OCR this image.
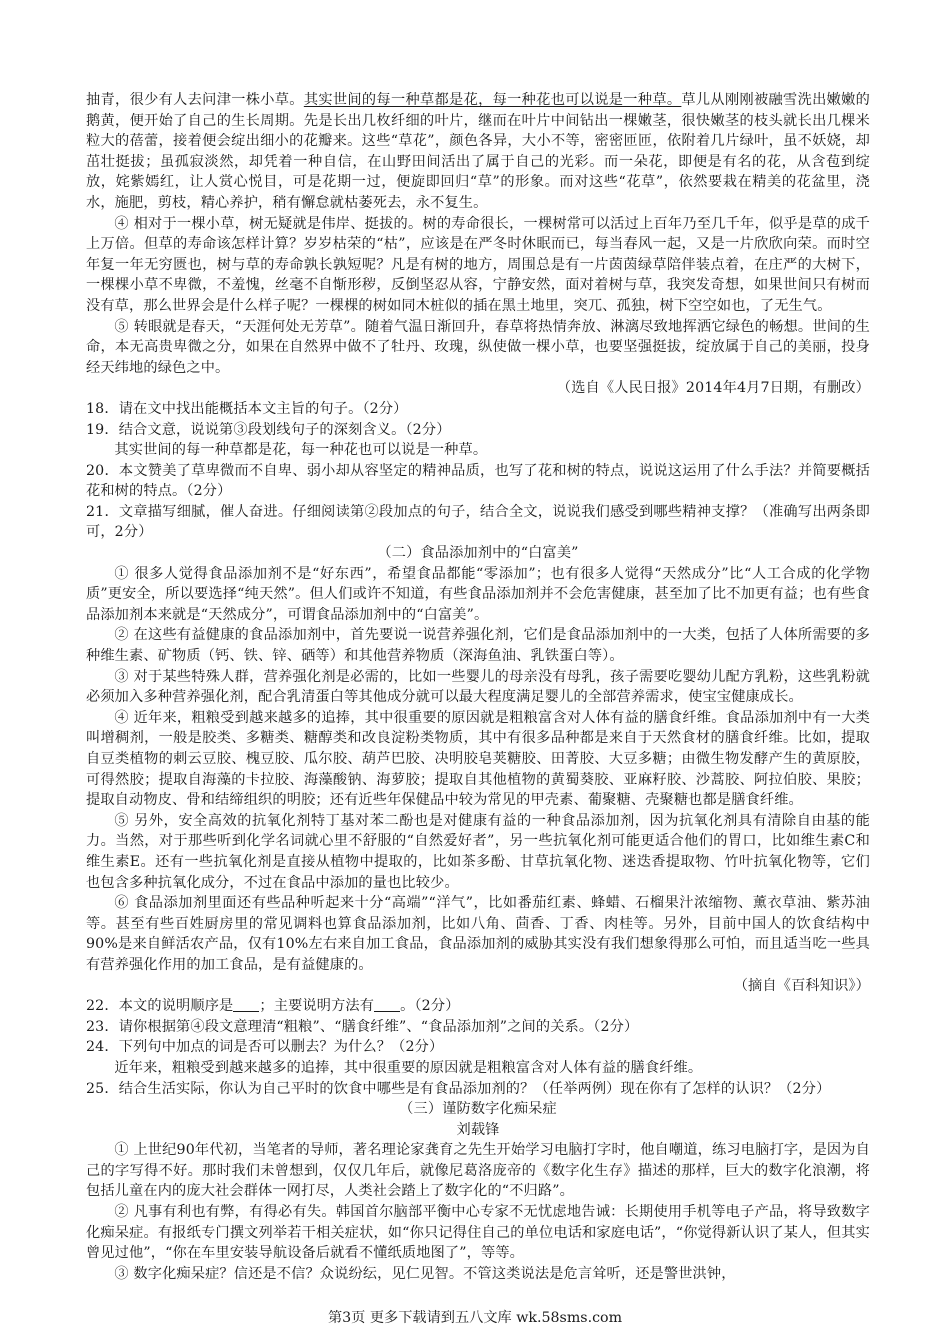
抽青，很少有人去问津一株小草。其实世间的每一种草都是花，每一种花也可以说是一种草。草儿从刚刚被融雪洗出嫩嫩的鹅黄，便开始了自己的生长周期。先是长出几枚纤细的叶片，继而在叶片中间钻出一棵嫩茎，很快嫩茎的枝头就长出几棵米粒大的蓓蕾，接着便会绽出细小的花瓣来。这些“草花”，颜色各异，大小不等，密密匝匝，依附着几片绿叶，虽不妖娆，却茁壮挺拔；虽孤寂淡然，却凭着一种自信，在山野田间活出了属于自己的光彩。而一朵花，即便是有名的花，从含苞到绽放，姹紫嫣红，让人赏心悦目，可是花期一过，便旋即回归“草”的形象。而对这些“花草”，依然要栽在精美的花盆里，浇水，施肥，剪枝，精心养护，稍有懈怠就枯萎死去，永不复生。

④ 相对于一棵小草，树无疑就是伟岸、挺拔的。树的寿命很长，一棵树常可以活过上百年乃至几千年，似乎是草的成千上万倍。但草的寿命该怎样计算？岁岁枯荣的“枯”，应该是在严冬时休眠而已，每当春风一起，又是一片欣欣向荣。而时空年复一年无穷匮也，树与草的寿命孰长孰短呢？凡是有树的地方，周围总是有一片茵茵绿草陪伴装点着，在庄严的大树下，一棵棵小草不卑微，不羞愧，丝毫不自惭形秽，反倒坚忍从容，宁静安然，面对着树与草，我突发奇想，如果世间只有树而没有草，那么世界会是什么样子呢？一棵棵的树如同木桩似的插在黑土地里，突兀、孤独，树下空空如也，了无生气。

⑤ 转眼就是春天，“天涯何处无芳草”。随着气温日渐回升，春草将热情奔放、淋漓尽致地挥洒它绿色的畅想。世间的生命，本无高贵卑微之分，如果在自然界中做不了牡丹、玫瑰，纵使做一棵小草，也要坚强挺拔，绽放属于自己的美丽，投身经天纬地的绿色之中。

（选自《人民日报》2014年4月7日期，有删改）

18．请在文中找出能概括本文主旨的句子。（2分）

19．结合文意，说说第③段划线句子的深刻含义。（2分）

其实世间的每一种草都是花，每一种花也可以说是一种草。

20．本文赞美了草卑微而不自卑、弱小却从容坚定的精神品质，也写了花和树的特点，说说这运用了什么手法？并简要概括花和树的特点。（2分）

21．文章描写细腻，催人奋进。仔细阅读第②段加点的句子，结合全文，说说我们感受到哪些精神支撑？（准确写出两条即可，2分）

（二）食品添加剂中的“白富美”

① 很多人觉得食品添加剂不是“好东西”，希望食品都能“零添加”；也有很多人觉得“天然成分”比“人工合成的化学物质”更安全，所以要选择“纯天然”。但人们或许不知道，有些食品添加剂并不会危害健康，甚至加了比不加更有益；也有些食品添加剂本来就是“天然成分”，可谓食品添加剂中的“白富美”。

② 在这些有益健康的食品添加剂中，首先要说一说营养强化剂，它们是食品添加剂中的一大类，包括了人体所需要的多种维生素、矿物质（钙、铁、锌、硒等）和其他营养物质（深海鱼油、乳铁蛋白等）。

③ 对于某些特殊人群，营养强化剂是必需的，比如一些婴儿的母亲没有母乳，孩子需要吃婴幼儿配方乳粉，这些乳粉就必须加入多种营养强化剂，配合乳清蛋白等其他成分就可以最大程度满足婴儿的全部营养需求，使宝宝健康成长。

④ 近年来，粗粮受到越来越多的追捧，其中很重要的原因就是粗粮富含对人体有益的膳食纤维。食品添加剂中有一大类叫增稠剂，一般是胶类、多糖类、糖醇类和改良淀粉类物质，其中有很多品种都是来自于天然食材的膳食纤维。比如，提取自豆类植物的刺云豆胶、槐豆胶、瓜尔胶、葫芦巴胶、决明胶皂荚糖胶、田菁胶、大豆多糖；由微生物发酵产生的黄原胶，可得然胶；提取自海藻的卡拉胶、海藻酸钠、海萝胶；提取自其他植物的黄蜀葵胶、亚麻籽胶、沙蒿胶、阿拉伯胶、果胶；提取自动物皮、骨和结缔组织的明胶；还有近些年保健品中较为常见的甲壳素、葡聚糖、壳聚糖也都是膳食纤维。

⑤ 另外，安全高效的抗氧化剂特丁基对苯二酚也是对健康有益的一种食品添加剂，因为抗氧化剂具有清除自由基的能力。当然，对于那些听到化学名词就心里不舒服的“自然爱好者”，另一些抗氧化剂可能更适合他们的胃口，比如维生素C和维生素E。还有一些抗氧化剂是直接从植物中提取的，比如茶多酚、甘草抗氧化物、迷迭香提取物、竹叶抗氧化物等，它们也包含多种抗氧化成分，不过在食品中添加的量也比较少。

⑥ 食品添加剂里面还有些品种听起来十分“高端”“洋气”，比如番茄红素、蜂蜡、石榴果汁浓缩物、薰衣草油、紫苏油等。甚至有些百姓厨房里的常见调料也算食品添加剂，比如八角、茴香、丁香、肉桂等。另外，目前中国人的饮食结构中90%是来自鲜活农产品，仅有10%左右来自加工食品，食品添加剂的威胁其实没有我们想象得那么可怕，而且适当吃一些具有营养强化作用的加工食品，是有益健康的。

（摘自《百科知识》）

22．本文的说明顺序是 ；主要说明方法有 。（2分）

23．请你根据第④段文意理清“粗粮”、“膳食纤维”、“食品添加剂”之间的关系。（2分）

24．下列句中加点的词是否可以删去？为什么？（2分）

近年来，粗粮受到越来越多的追捧，其中很重要的原因就是粗粮富含对人体有益的膳食纤维。

25．结合生活实际，你认为自己平时的饮食中哪些是有食品添加剂的？（任举两例）现在你有了怎样的认识？（2分）

（三）谨防数字化痴呆症

刘载锋

① 上世纪90年代初，当笔者的导师，著名理论家龚育之先生开始学习电脑打字时，他自嘲道，练习电脑打字，是因为自己的字写得不好。那时我们未曾想到，仅仅几年后，就像尼葛洛庞帝的《数字化生存》描述的那样，巨大的数字化浪潮，将包括儿童在内的庞大社会群体一网打尽，人类社会踏上了数字化的“不归路”。

② 凡事有利也有弊，有得必有失。韩国首尔脑部平衡中心专家不无忧虑地告诫：长期使用手机等电子产品，将导致数字化痴呆症。有报纸专门撰文列举若干相关症状，如“你只记得住自己的单位电话和家庭电话”，“你觉得新认识了某人，但其实曾见过他”，“你在车里安装导航设备后就看不懂纸质地图了”，等等。

③ 数字化痴呆症？信还是不信？众说纷纭，见仁见智。不管这类说法是危言耸听，还是警世洪钟，

第3页 更多下载请到五八文库 wk.58sms.com
